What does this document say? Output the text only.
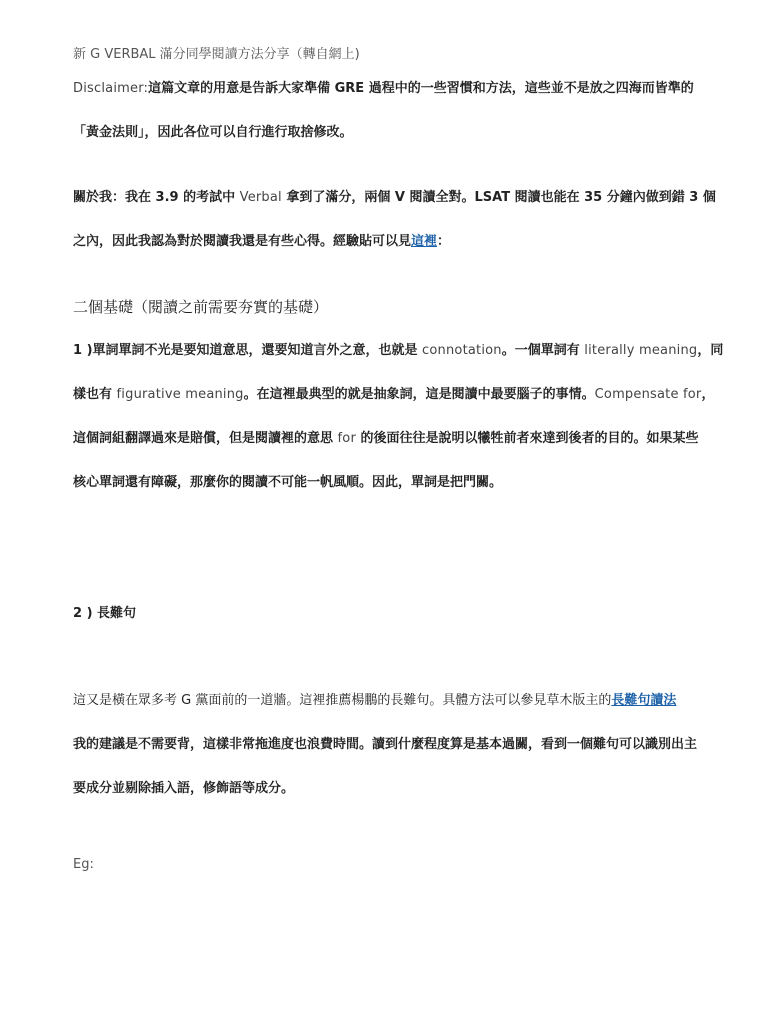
新 G VERBAL 滿分同學閱讀方法分享（轉自網上)
Disclaimer:這篇文章的用意是告訴大家準備 GRE 過程中的一些習慣和方法，這些並不是放之四海而皆準的
「黃金法則」，因此各位可以自行進行取捨修改。
關於我：我在 3.9 的考試中 Verbal 拿到了滿分，兩個 V 閱讀全對。LSAT 閱讀也能在 35 分鐘內做到錯 3 個
之內，因此我認為對於閱讀我還是有些心得。經驗貼可以見這裡：
二個基礎（閱讀之前需要夯實的基礎）
1 )單詞單詞不光是要知道意思，還要知道言外之意，也就是 connotation。一個單詞有 literally meaning，同
樣也有 figurative meaning。在這裡最典型的就是抽象詞，這是閱讀中最要腦子的事情。Compensate for，
這個詞組翻譯過來是賠償，但是閱讀裡的意思 for 的後面往往是說明以犧牲前者來達到後者的目的。如果某些
核心單詞還有障礙，那麼你的閱讀不可能一帆風順。因此，單詞是把門關。
2 ) 長難句
這又是橫在眾多考 G 黨面前的一道牆。這裡推薦楊鵬的長難句。具體方法可以參見草木版主的長難句讀法
我的建議是不需要背，這樣非常拖進度也浪費時間。讀到什麼程度算是基本過關，看到一個難句可以識別出主
要成分並剔除插入語，修飾語等成分。
Eg:
